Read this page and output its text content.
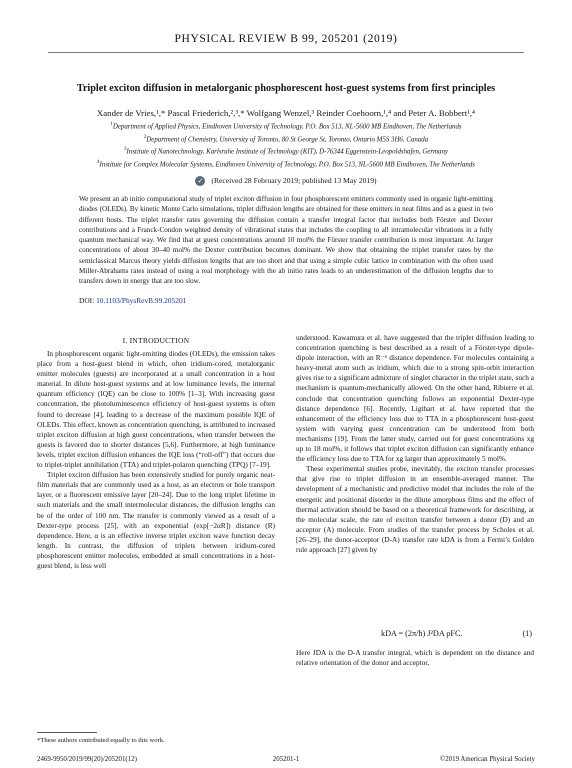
PHYSICAL REVIEW B 99, 205201 (2019)
Triplet exciton diffusion in metalorganic phosphorescent host-guest systems from first principles
Xander de Vries,¹,* Pascal Friederich,²,³,* Wolfgang Wenzel,³ Reinder Coehoorn,¹,⁴ and Peter A. Bobbert¹,⁴
$^1$Department of Applied Physics, Eindhoven University of Technology, P.O. Box 513, NL-5600 MB Eindhoven, The Netherlands
$^2$Department of Chemistry, University of Toronto, 80 St George St, Toronto, Ontario M5S 3H6, Canada
$^3$Institute of Nanotechnology, Karlsruhe Institute of Technology (KIT), D-76344 Eggenstein-Leopoldshafen, Germany
$^4$Institute for Complex Molecular Systems, Eindhoven University of Technology, P.O. Box 513, NL-5600 MB Eindhoven, The Netherlands
✓ (Received 28 February 2019; published 13 May 2019)
We present an ab initio computational study of triplet exciton diffusion in four phosphorescent emitters commonly used in organic light-emitting diodes (OLEDs). By kinetic Monte Carlo simulations, triplet diffusion lengths are obtained for these emitters in neat films and as a guest in two different hosts. The triplet transfer rates governing the diffusion contain a transfer integral factor that includes both Förster and Dexter contributions and a Franck-Condon weighted density of vibrational states that includes the coupling to all intramolecular vibrations in a fully quantum mechanical way. We find that at guest concentrations around 10 mol% the Förster transfer contribution is most important. At larger concentrations of about 30–40 mol% the Dexter contribution becomes dominant. We show that obtaining the triplet transfer rates by the semiclassical Marcus theory yields diffusion lengths that are too short and that using a simple cubic lattice in combination with the often used Miller-Abrahams rates instead of using a real morphology with the ab initio rates leads to an underestimation of the diffusion lengths due to transfers down in energy that are too slow.
DOI: 10.1103/PhysRevB.99.205201
I. INTRODUCTION

In phosphorescent organic light-emitting diodes (OLEDs), the emission takes place from a host-guest blend in which, often iridium-cored, metalorganic emitter molecules (guests) are incorporated at a small concentration in a host material. In dilute host-guest systems and at low luminance levels, the internal quantum efficiency (IQE) can be close to 100% [1–3]. With increasing guest concentration, the photoluminescence efficiency of host-guest systems is often found to decrease [4], leading to a decrease of the maximum possible IQE of OLEDs. This effect, known as concentration quenching, is attributed to increased triplet exciton diffusion at high guest concentrations, when transfer between the guests is favored due to shorter distances [5,6]. Furthermore, at high luminance levels, triplet exciton diffusion enhances the IQE loss (“roll-off”) that occurs due to triplet-triplet annihilation (TTA) and triplet-polaron quenching (TPQ) [7–19].

Triplet exciton diffusion has been extensively studied for purely organic neat-film materials that are commonly used as a host, as an electron or hole transport layer, or a fluorescent emissive layer [20–24]. Due to the long triplet lifetime in such materials and the small intermolecular distances, the diffusion lengths can be of the order of 100 nm. The transfer is commonly viewed as a result of a Dexter-type process [25], with an exponential (exp[−2αR]) distance (R) dependence. Here, α is an effective inverse triplet exciton wave function decay length. In contrast, the diffusion of triplets between iridium-cored phosphorescent emitter molecules, embedded at small concentrations in a host-guest blend, is less well

understood. Kawamura et al. have suggested that the triplet diffusion leading to concentration quenching is best described as a result of a Förster-type dipole-dipole interaction, with an R⁻⁶ distance dependence. For molecules containing a heavy-metal atom such as iridium, which due to a strong spin-orbit interaction gives rise to a significant admixture of singlet character in the triplet state, such a mechanism is quantum-mechanically allowed. On the other hand, Ribierre et al. conclude that concentration quenching follows an exponential Dexter-type distance dependence [6]. Recently, Ligthart et al. have reported that the enhancement of the efficiency loss due to TTA in a phosphorescent host-guest system with varying guest concentration can be understood from both mechanisms [19]. From the latter study, carried out for guest concentrations xg up to 18 mol%, it follows that triplet exciton diffusion can significantly enhance the efficiency loss due to TTA for xg larger than approximately 5 mol%.

These experimental studies probe, inevitably, the exciton transfer processes that give rise to triplet diffusion in an ensemble-averaged manner. The development of a mechanistic and predictive model that includes the role of the energetic and positional disorder in the dilute amorphous films and the effect of thermal activation should be based on a theoretical framework for describing, at the molecular scale, the rate of exciton transfer between a donor (D) and an acceptor (A) molecule. From studies of the transfer process by Scholes et al. [26–29], the donor-acceptor (D-A) transfer rate kDA is from a Fermi’s Golden rule approach [27] given by

kDA = (2π/ħ) J²DA ρFC.	(1)

Here JDA is the D-A transfer integral, which is dependent on the distance and relative orientation of the donor and acceptor,

*These authors contributed equally to this work.
2469-9950/2019/99(20)/205201(12)	205201-1	©2019 American Physical Society
